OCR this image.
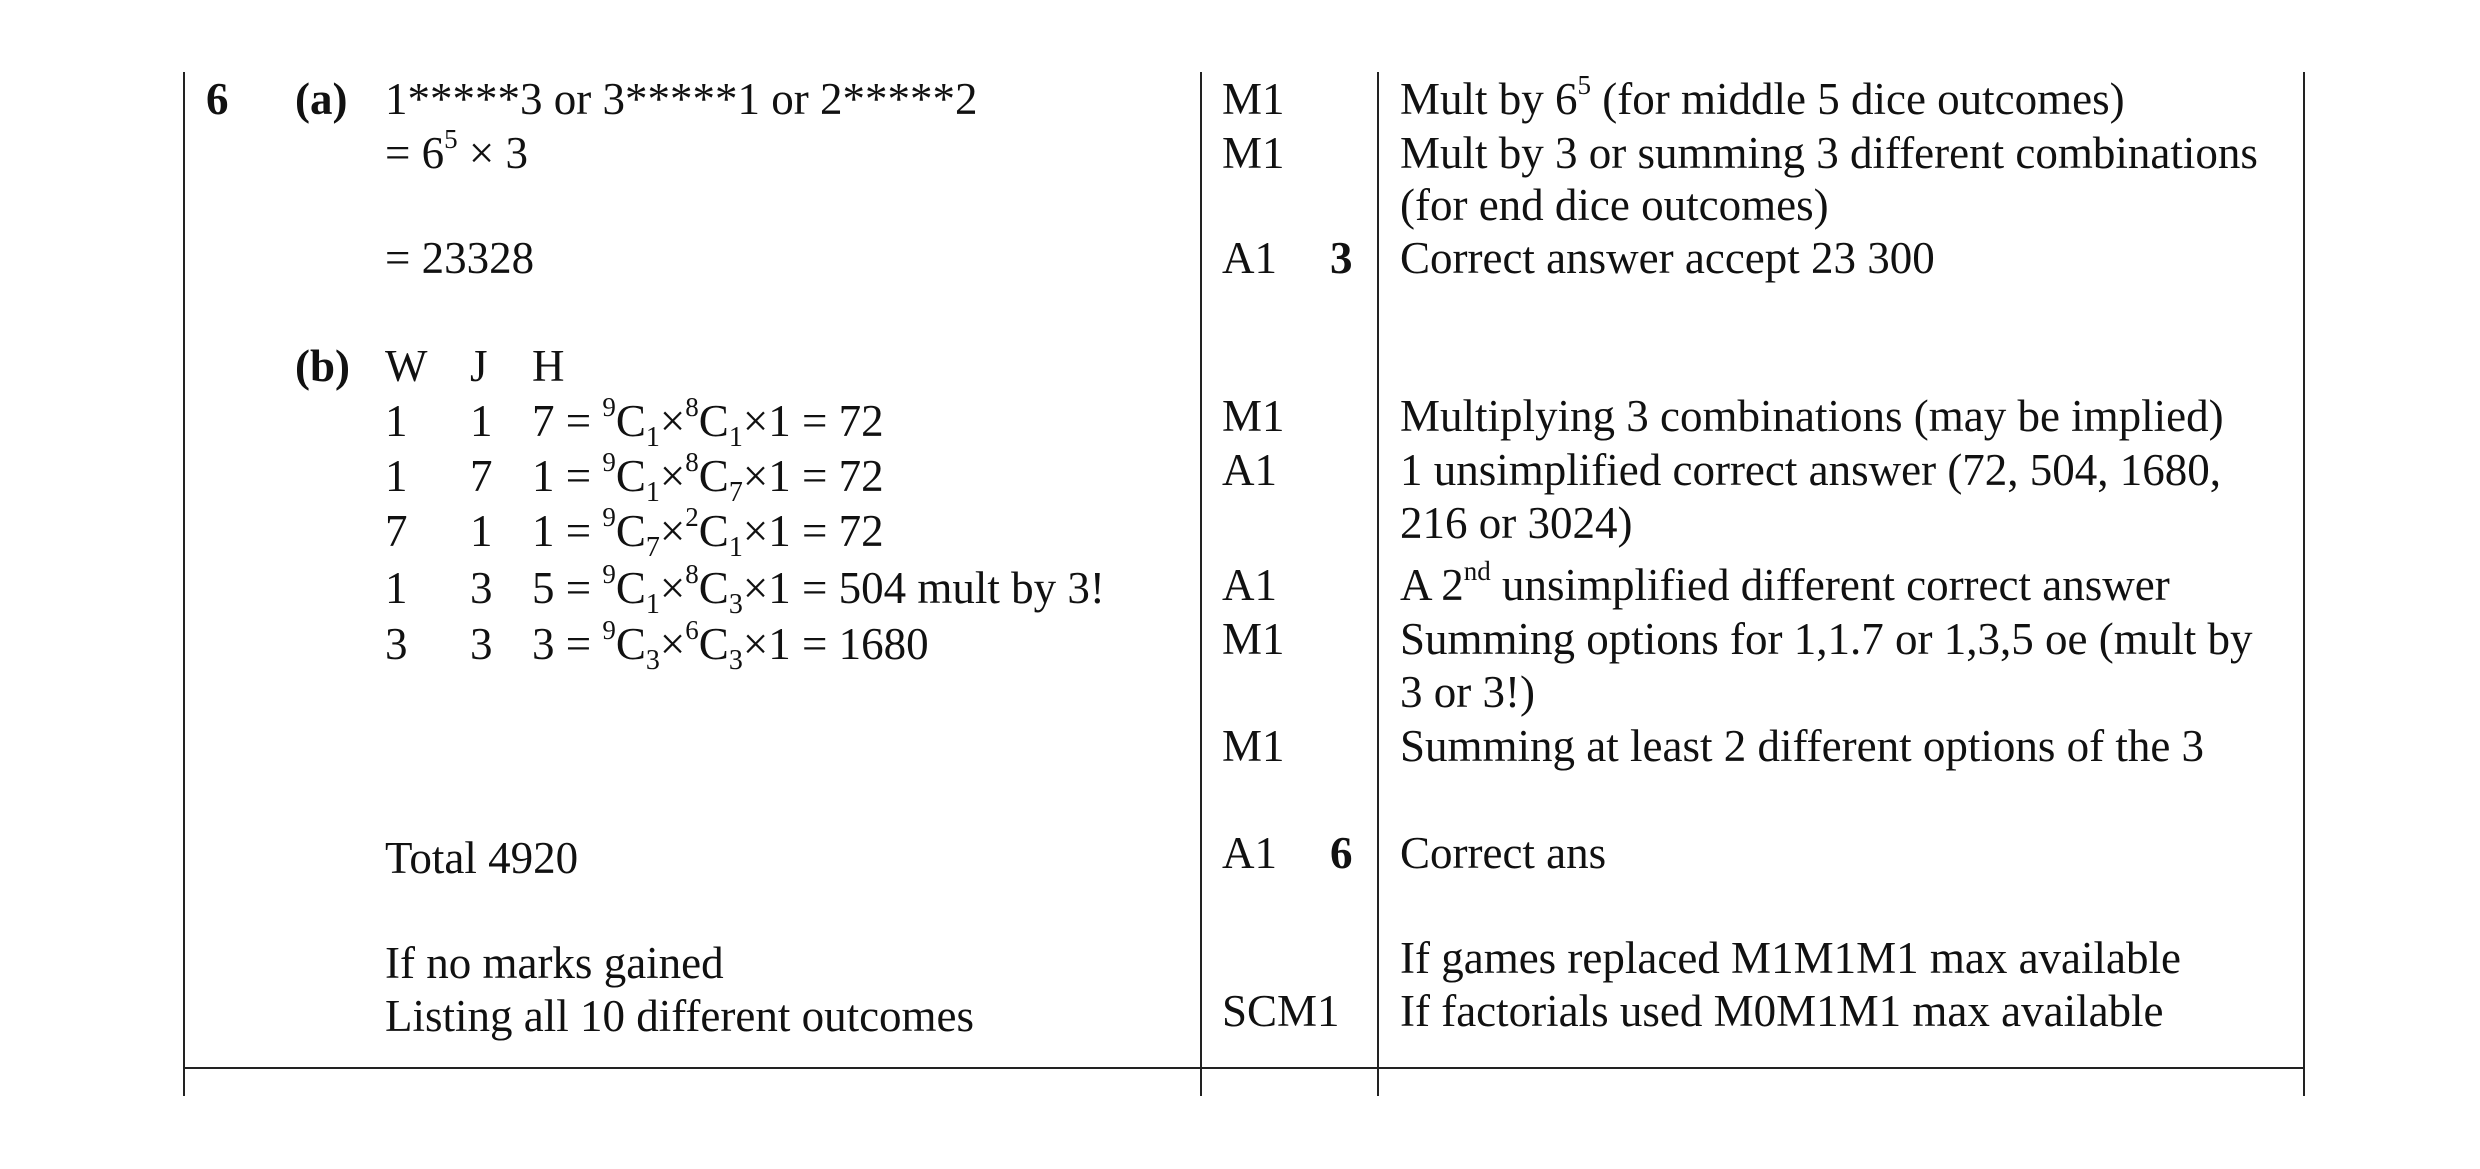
6 (a)
(b)
1*****3 or 3*****1 or 2*****2
= $6^5 \times 3$
= 23328
M1
M1
A1 3
Mult by $6^5$ (for middle 5 dice outcomes)
Mult by 3 or summing 3 different combinations
(for end dice outcomes)
Correct answer accept 23 300
W J H
1 1 $7 = ^9C_1\times^8C_1\times 1 = 72$
1 7 $1 = ^9C_1\times^8C_7\times 1 = 72$
7 1 $1 = ^9C_7\times^2C_1\times 1 = 72$
1 3 $5 = ^9C_1\times^8C_3\times 1 = 504$ mult by 3!
3 3 $3 = ^9C_3\times^6C_3\times 1 = 1680$
Total 4920
If no marks gained
Listing all 10 different outcomes
M1
A1
A1
M1
M1
A1 6
SCM1
Multiplying 3 combinations (may be implied)
1 unsimplified correct answer (72, 504, 1680,
216 or 3024)
A 2nd unsimplified different correct answer
Summing options for 1,1.7 or 1,3,5 oe (mult by
3 or 3!)
Summing at least 2 different options of the 3
Correct ans
If games replaced M1M1M1 max available
If factorials used M0M1M1 max available
